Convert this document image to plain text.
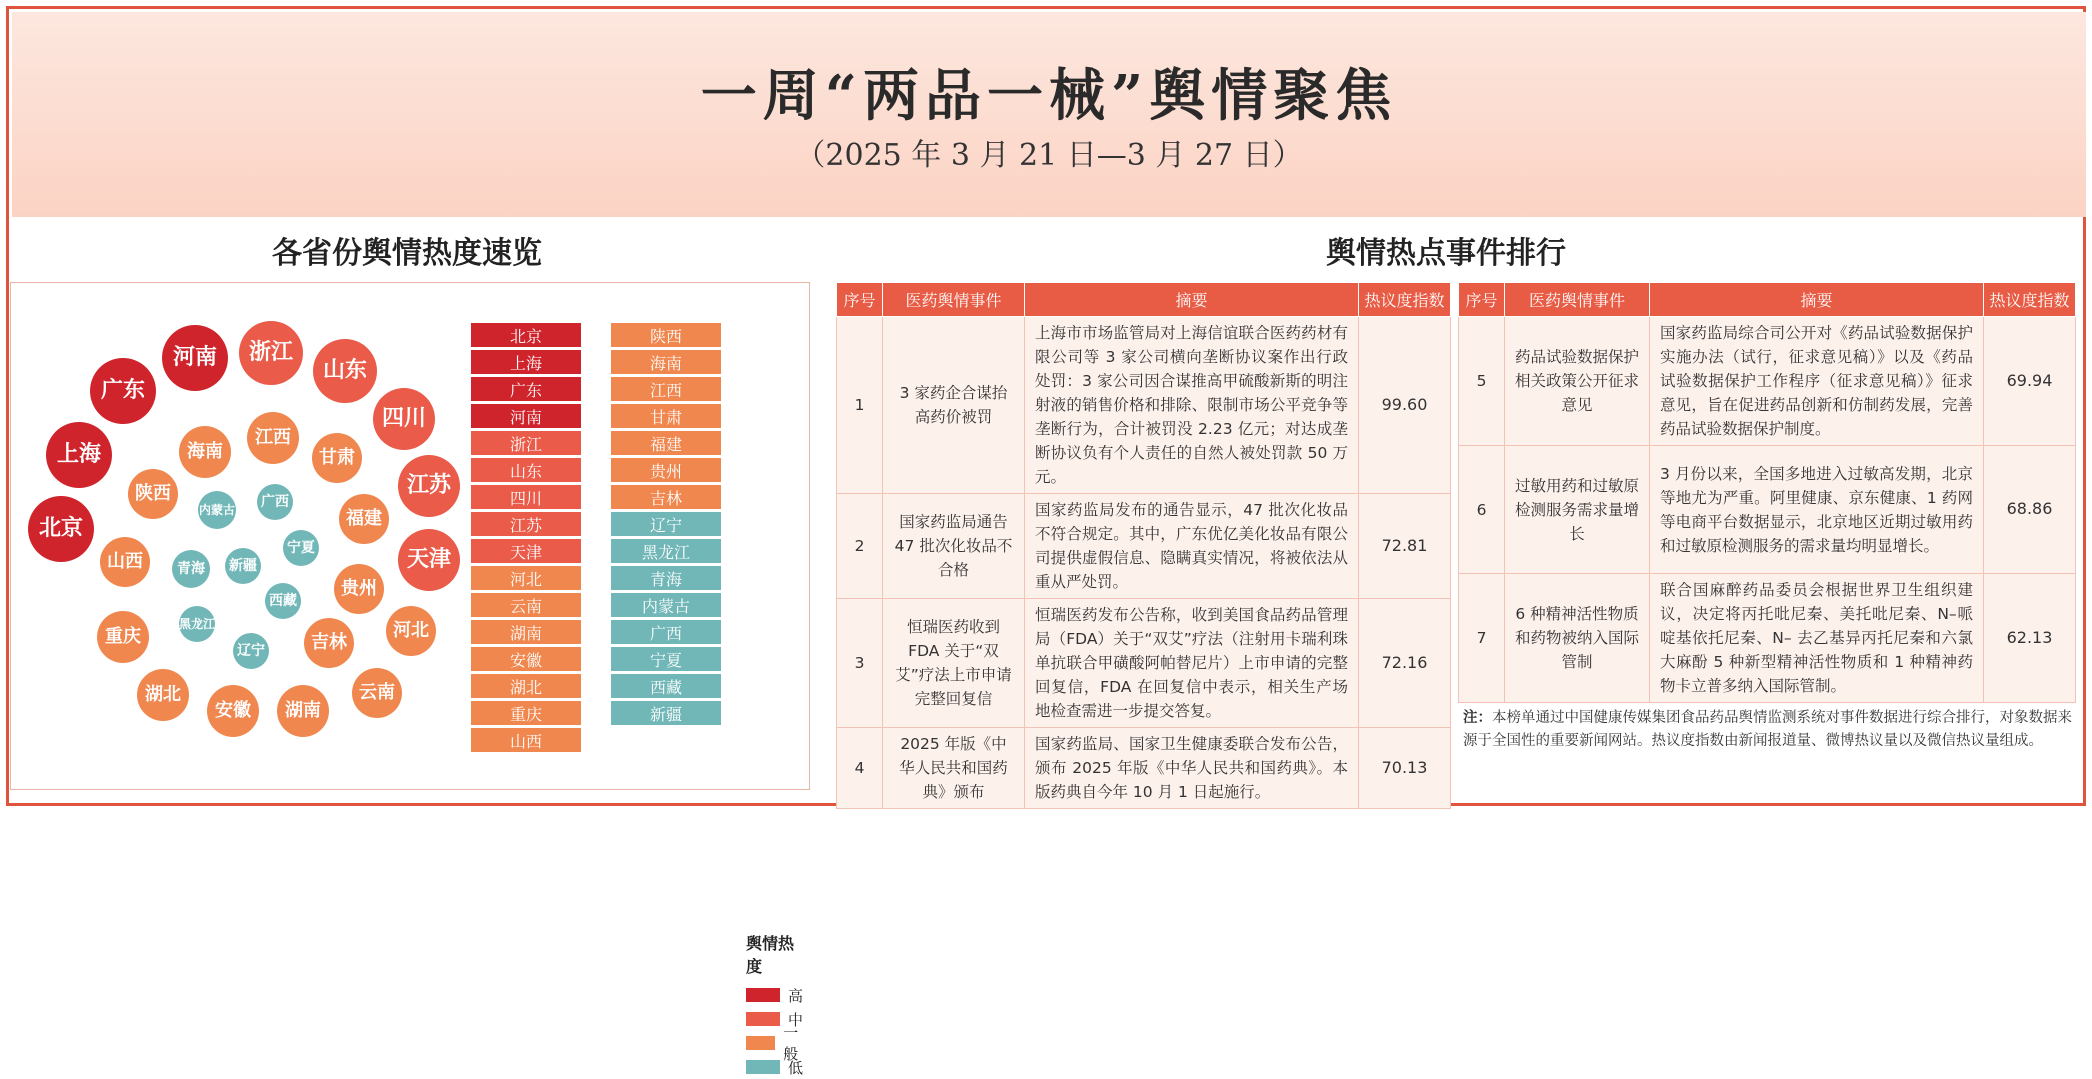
一周“两品一械”舆情聚焦
（2025 年 3 月 21 日—3 月 27 日）
各省份舆情热度速览	舆情热点事件排行
北京
上海
广东
河南	浙江
山东
四川
江苏
天津
陕西
海南
江西
甘肃
福建
贵州
河北
山西
重庆
湖北
安徽	湖南
吉林
云南
内蒙古 广西
青海	新疆
宁夏
西藏
黑龙江
辽宁
北京
上海
广东
河南
浙江
山东
四川
江苏
天津
河北
云南
湖南
安徽
湖北
重庆
山西
陕西
海南
江西
甘肃
福建
贵州
吉林
辽宁
黑龙江
青海
内蒙古
广西
宁夏
西藏
新疆
舆情热度
高
中
一般
低
序号	医药舆情事件	摘要	热议度指数
1	3 家药企合谋抬高药价被罚	上海市市场监管局对上海信谊联合医药药材有限公司等 3 家公司横向垄断协议案作出行政处罚：3 家公司因合谋推高甲硫酸新斯的明注射液的销售价格和排除、限制市场公平竞争等垄断行为，合计被罚没 2.23 亿元；对达成垄断协议负有个人责任的自然人被处罚款 50 万元。	99.60
2	国家药监局通告 47 批次化妆品不合格	国家药监局发布的通告显示，47 批次化妆品不符合规定。其中，广东优亿美化妆品有限公司提供虚假信息、隐瞒真实情况，将被依法从重从严处罚。	72.81
3	恒瑞医药收到 FDA 关于“双艾”疗法上市申请完整回复信	恒瑞医药发布公告称，收到美国食品药品管理局（FDA）关于“双艾”疗法（注射用卡瑞利珠单抗联合甲磺酸阿帕替尼片）上市申请的完整回复信，FDA 在回复信中表示，相关生产场地检查需进一步提交答复。	72.16
4	2025 年版《中华人民共和国药典》颁布	国家药监局、国家卫生健康委联合发布公告，颁布 2025 年版《中华人民共和国药典》。本版药典自今年 10 月 1 日起施行。	70.13
序号	医药舆情事件	摘要	热议度指数
5	药品试验数据保护相关政策公开征求意见	国家药监局综合司公开对《药品试验数据保护实施办法（试行，征求意见稿）》以及《药品试验数据保护工作程序（征求意见稿）》征求意见，旨在促进药品创新和仿制药发展，完善药品试验数据保护制度。	69.94
6	过敏用药和过敏原检测服务需求量增长	3 月份以来，全国多地进入过敏高发期，北京等地尤为严重。阿里健康、京东健康、1 药网等电商平台数据显示，北京地区近期过敏用药和过敏原检测服务的需求量均明显增长。	68.86
7	6 种精神活性物质和药物被纳入国际管制	联合国麻醉药品委员会根据世界卫生组织建议，决定将丙托吡尼秦、美托吡尼秦、N–哌啶基依托尼秦、N– 去乙基异丙托尼秦和六氯大麻酚 5 种新型精神活性物质和 1 种精神药物卡立普多纳入国际管制。	62.13
注：本榜单通过中国健康传媒集团食品药品舆情监测系统对事件数据进行综合排行，对象数据来源于全国性的重要新闻网站。热议度指数由新闻报道量、微博热议量以及微信热议量组成。
